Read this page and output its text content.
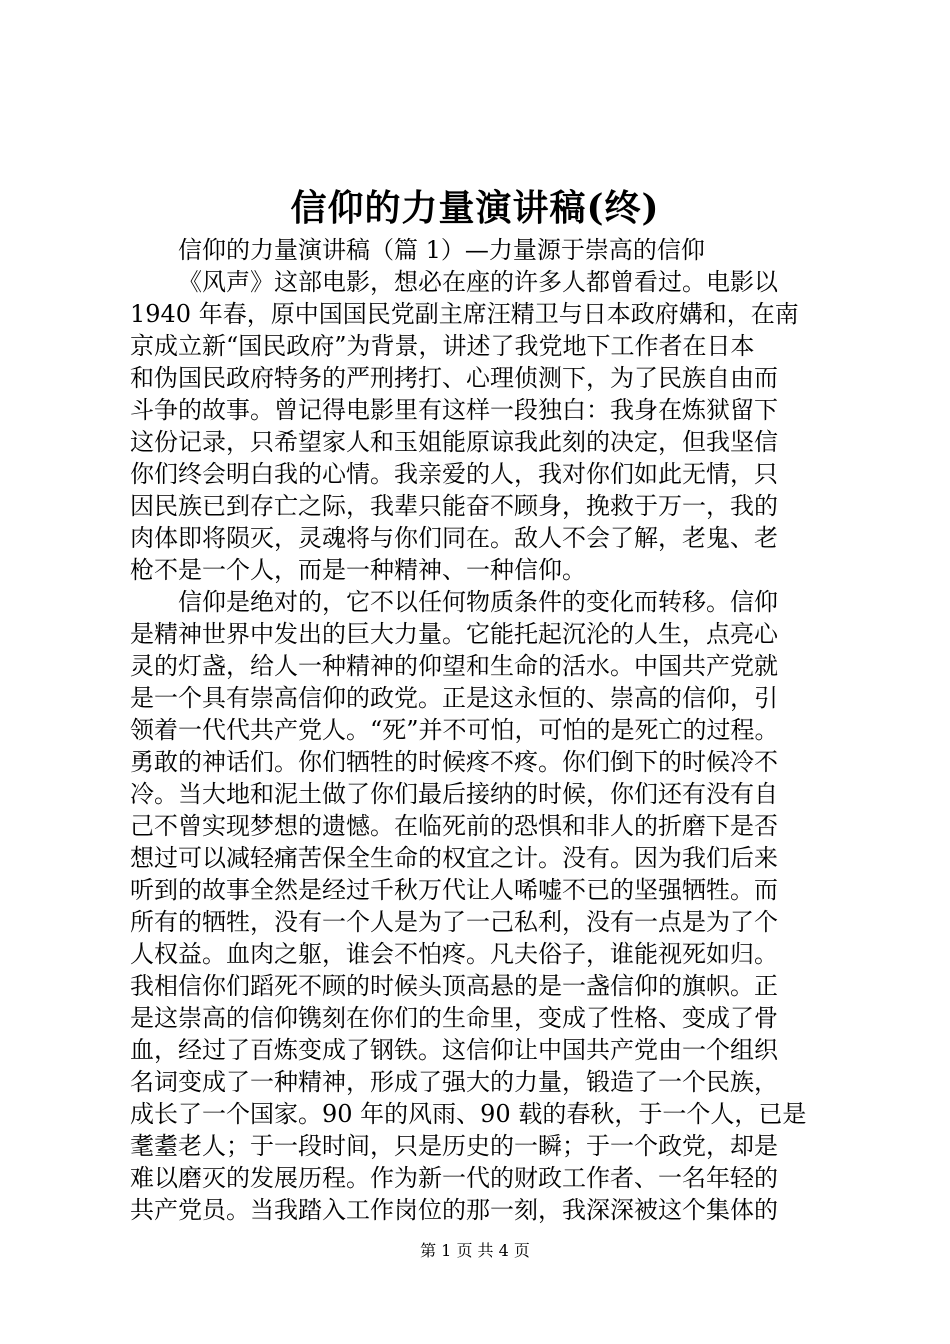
信仰的力量演讲稿(终)
信仰的力量演讲稿（篇 1）—力量源于崇高的信仰
《风声》这部电影，想必在座的许多人都曾看过。电影以
1940 年春，原中国国民党副主席汪精卫与日本政府媾和，在南
京成立新“国民政府”为背景，讲述了我党地下工作者在日本
和伪国民政府特务的严刑拷打、心理侦测下，为了民族自由而
斗争的故事。曾记得电影里有这样一段独白：我身在炼狱留下
这份记录，只希望家人和玉姐能原谅我此刻的决定，但我坚信
你们终会明白我的心情。我亲爱的人，我对你们如此无情，只
因民族已到存亡之际，我辈只能奋不顾身，挽救于万一，我的
肉体即将陨灭，灵魂将与你们同在。敌人不会了解，老鬼、老
枪不是一个人，而是一种精神、一种信仰。
信仰是绝对的，它不以任何物质条件的变化而转移。信仰
是精神世界中发出的巨大力量。它能托起沉沦的人生，点亮心
灵的灯盏，给人一种精神的仰望和生命的活水。中国共产党就
是一个具有崇高信仰的政党。正是这永恒的、崇高的信仰，引
领着一代代共产党人。“死”并不可怕，可怕的是死亡的过程。
勇敢的神话们。你们牺牲的时候疼不疼。你们倒下的时候冷不
冷。当大地和泥土做了你们最后接纳的时候，你们还有没有自
己不曾实现梦想的遗憾。在临死前的恐惧和非人的折磨下是否
想过可以减轻痛苦保全生命的权宜之计。没有。因为我们后来
听到的故事全然是经过千秋万代让人唏嘘不已的坚强牺牲。而
所有的牺牲，没有一个人是为了一己私利，没有一点是为了个
人权益。血肉之躯，谁会不怕疼。凡夫俗子，谁能视死如归。
我相信你们蹈死不顾的时候头顶高悬的是一盏信仰的旗帜。正
是这崇高的信仰镌刻在你们的生命里，变成了性格、变成了骨
血，经过了百炼变成了钢铁。这信仰让中国共产党由一个组织
名词变成了一种精神，形成了强大的力量，锻造了一个民族，
成长了一个国家。90 年的风雨、90 载的春秋，于一个人，已是
耄耋老人；于一段时间，只是历史的一瞬；于一个政党，却是
难以磨灭的发展历程。作为新一代的财政工作者、一名年轻的
共产党员。当我踏入工作岗位的那一刻，我深深被这个集体的
第 1 页 共 4 页
